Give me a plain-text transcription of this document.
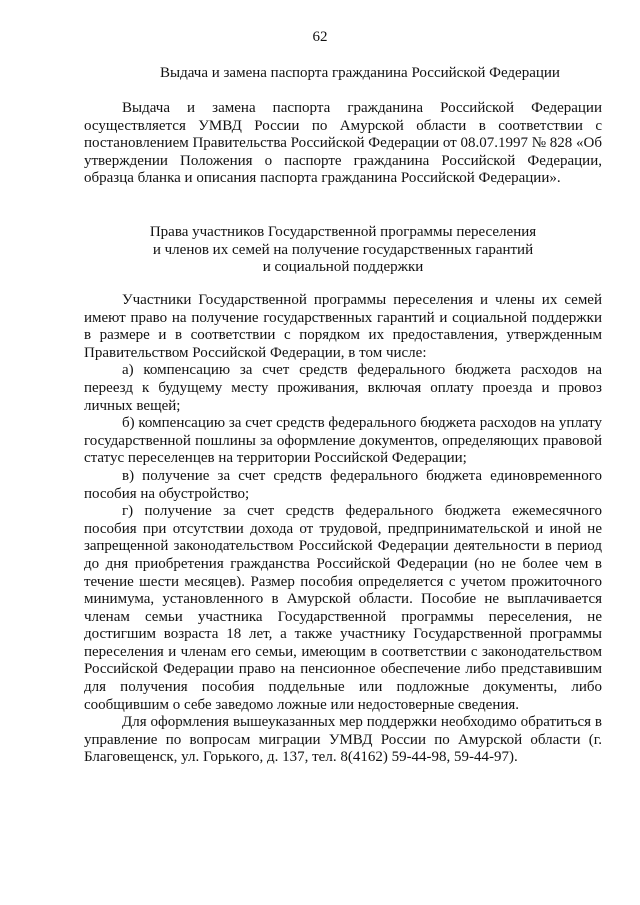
62
Выдача и замена паспорта гражданина Российской Федерации

Выдача и замена паспорта гражданина Российской Федерации осуществляется УМВД России по Амурской области в соответствии с постановлением Правительства Российской Федерации от 08.07.1997 № 828 «Об утверждении Положения о паспорте гражданина Российской Федерации, образца бланка и описания паспорта гражданина Российской Федерации».

Права участников Государственной программы переселения
и членов их семей на получение государственных гарантий
и социальной поддержки

Участники Государственной программы переселения и члены их семей имеют право на получение государственных гарантий и социальной поддержки в размере и в соответствии с порядком их предоставления, утвержденным Правительством Российской Федерации, в том числе:

а) компенсацию за счет средств федерального бюджета расходов на переезд к будущему месту проживания, включая оплату проезда и провоз личных вещей;

б) компенсацию за счет средств федерального бюджета расходов на уплату государственной пошлины за оформление документов, определяющих правовой статус переселенцев на территории Российской Федерации;

в) получение за счет средств федерального бюджета единовременного пособия на обустройство;

г) получение за счет средств федерального бюджета ежемесячного пособия при отсутствии дохода от трудовой, предпринимательской и иной не запрещенной законодательством Российской Федерации деятельности в период до дня приобретения гражданства Российской Федерации (но не более чем в течение шести месяцев). Размер пособия определяется с учетом прожиточного минимума, установленного в Амурской области. Пособие не выплачивается членам семьи участника Государственной программы переселения, не достигшим возраста 18 лет, а также участнику Государственной программы переселения и членам его семьи, имеющим в соответствии с законодательством Российской Федерации право на пенсионное обеспечение либо представившим для получения пособия поддельные или подложные документы, либо сообщившим о себе заведомо ложные или недостоверные сведения.

Для оформления вышеуказанных мер поддержки необходимо обратиться в управление по вопросам миграции УМВД России по Амурской области (г. Благовещенск, ул. Горького, д. 137, тел. 8(4162) 59-44-98, 59-44-97).
